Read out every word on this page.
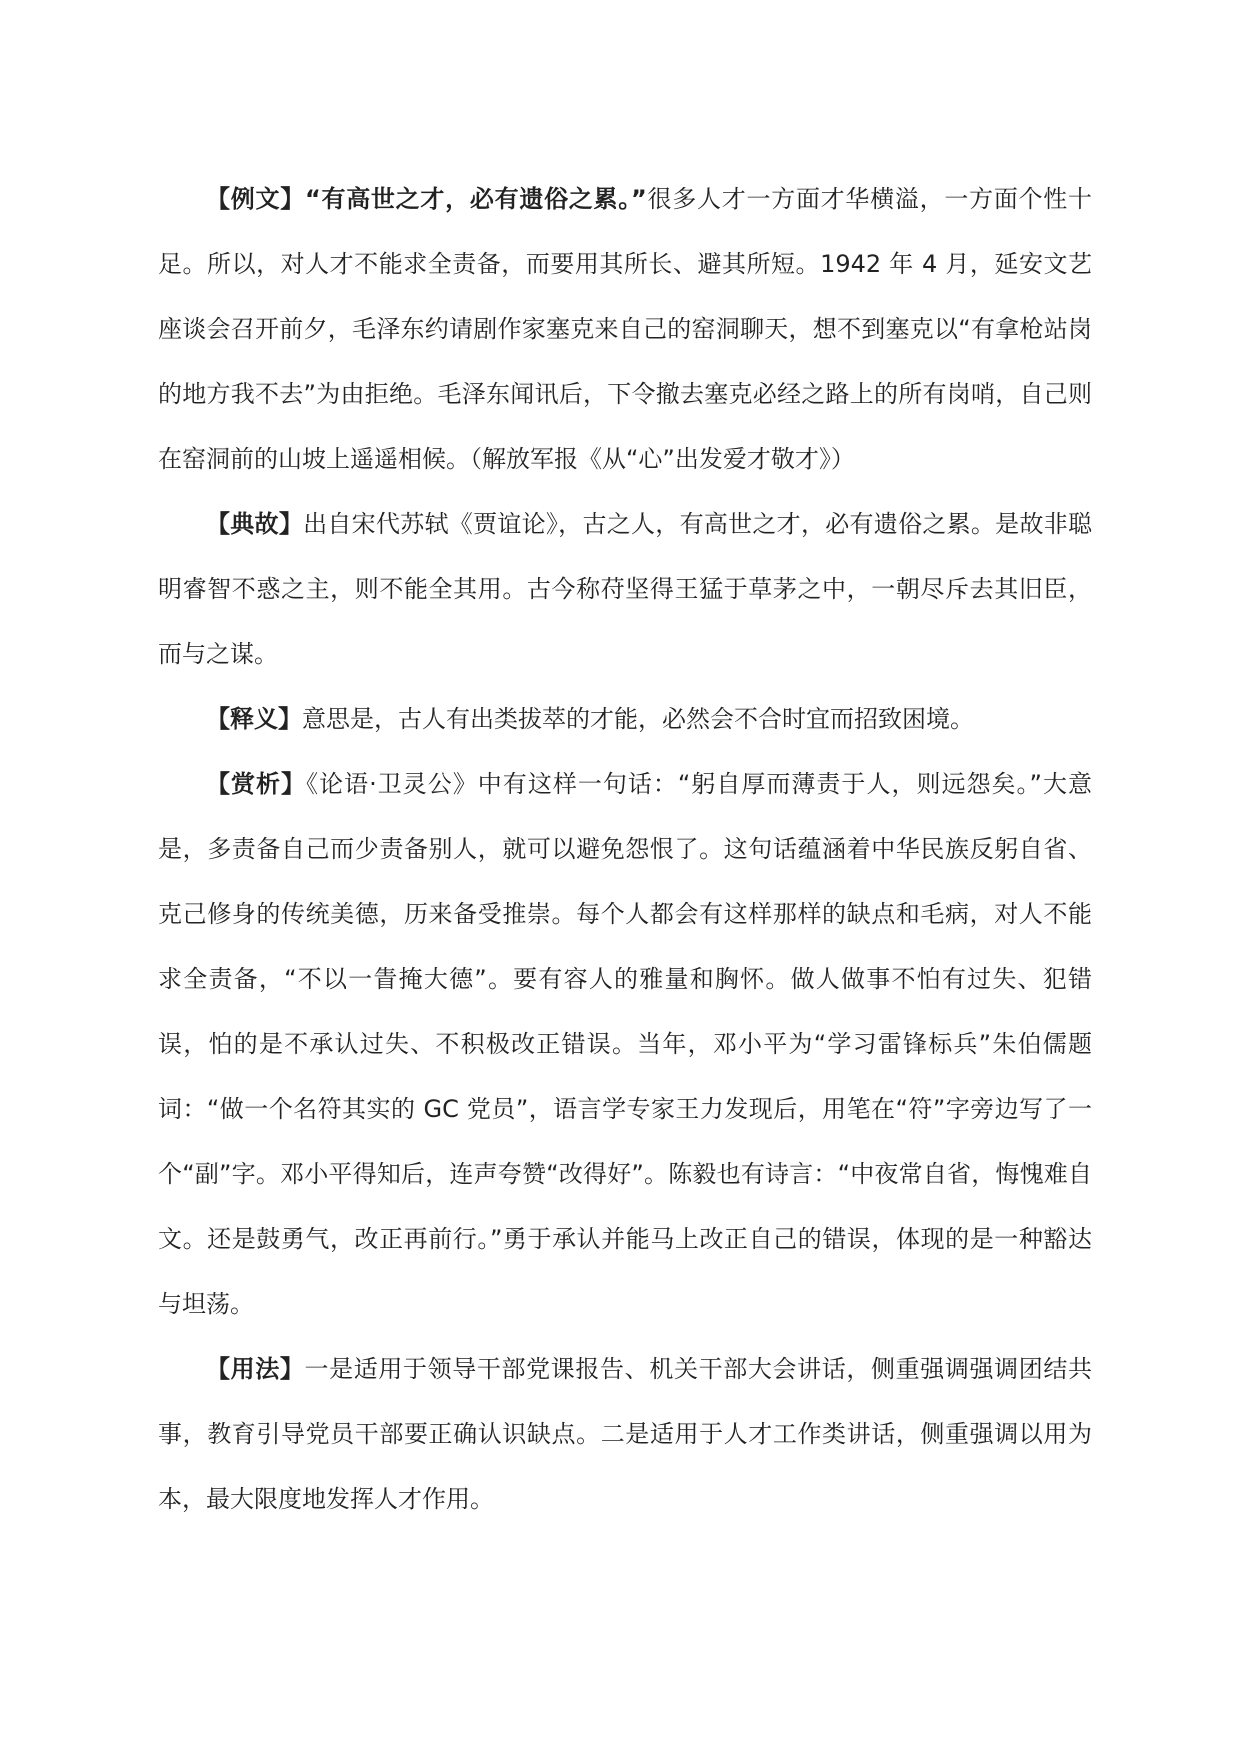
【例文】“有高世之才，必有遗俗之累。”很多人才一方面才华横溢，一方面个性十足。所以，对人才不能求全责备，而要用其所长、避其所短。1942 年 4 月，延安文艺座谈会召开前夕，毛泽东约请剧作家塞克来自己的窑洞聊天，想不到塞克以“有拿枪站岗的地方我不去”为由拒绝。毛泽东闻讯后，下令撤去塞克必经之路上的所有岗哨，自己则在窑洞前的山坡上遥遥相候。（解放军报《从“心”出发爱才敬才》）

【典故】出自宋代苏轼《贾谊论》，古之人，有高世之才，必有遗俗之累。是故非聪明睿智不惑之主，则不能全其用。古今称苻坚得王猛于草茅之中，一朝尽斥去其旧臣，而与之谋。

【释义】意思是，古人有出类拔萃的才能，必然会不合时宜而招致困境。

【赏析】《论语·卫灵公》中有这样一句话：“躬自厚而薄责于人，则远怨矣。”大意是，多责备自己而少责备别人，就可以避免怨恨了。这句话蕴涵着中华民族反躬自省、克己修身的传统美德，历来备受推崇。每个人都会有这样那样的缺点和毛病，对人不能求全责备，“不以一眚掩大德”。要有容人的雅量和胸怀。做人做事不怕有过失、犯错误，怕的是不承认过失、不积极改正错误。当年，邓小平为“学习雷锋标兵”朱伯儒题词：“做一个名符其实的 GC 党员”，语言学专家王力发现后，用笔在“符”字旁边写了一个“副”字。邓小平得知后，连声夸赞“改得好”。陈毅也有诗言：“中夜常自省，悔愧难自文。还是鼓勇气，改正再前行。”勇于承认并能马上改正自己的错误，体现的是一种豁达与坦荡。

【用法】一是适用于领导干部党课报告、机关干部大会讲话，侧重强调强调团结共事，教育引导党员干部要正确认识缺点。二是适用于人才工作类讲话，侧重强调以用为本，最大限度地发挥人才作用。
